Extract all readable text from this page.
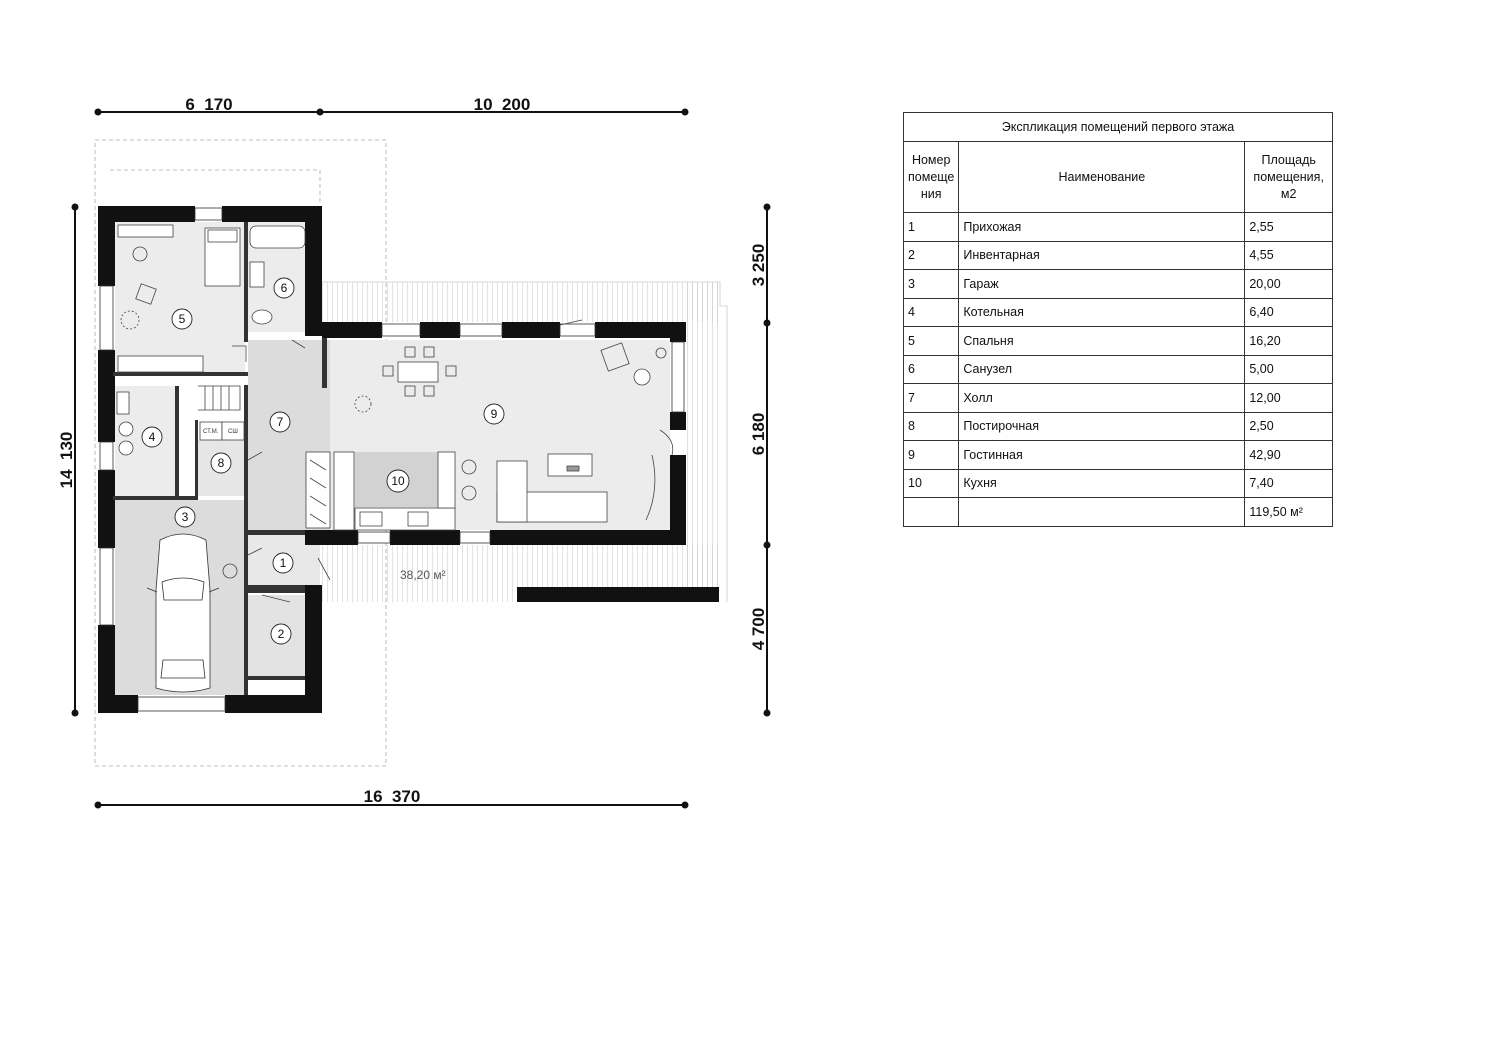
38,20 м²
СТ.М. СШ
1
2
3
4
5
6
7
8
9
10
6  170	10  200
16  370
14  130
3 250
6 180
4 700
Экспликация помещений первого этажа		
Номер помеще ния	Наименование	Площадь помещения, м2
1	Прихожая	2,55
2	Инвентарная	4,55
3	Гараж	20,00
4	Котельная	6,40
5	Спальня	16,20
6	Санузел	5,00
7	Холл	12,00
8	Постирочная	2,50
9	Гостинная	42,90
10	Кухня	7,40
		119,50 м²
